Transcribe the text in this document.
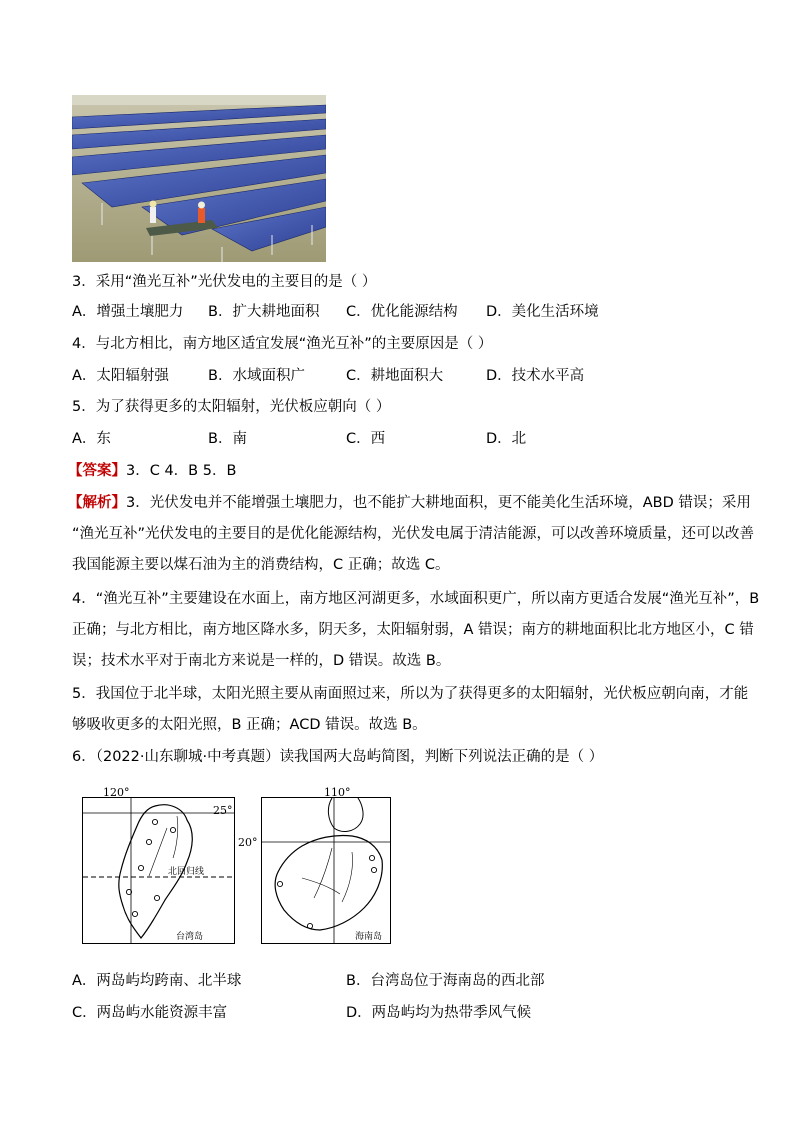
3．采用“渔光互补”光伏发电的主要目的是（ ）
A．增强土壤肥力 B．扩大耕地面积 C．优化能源结构 D．美化生活环境
4．与北方相比，南方地区适宜发展“渔光互补”的主要原因是（ ）
A．太阳辐射强	B．水域面积广	C．耕地面积大	D．技术水平高
5．为了获得更多的太阳辐射，光伏板应朝向（ ）
A．东	B．南	C．西	D．北
【答案】3．C 4．B 5．B
【解析】3．光伏发电并不能增强土壤肥力，也不能扩大耕地面积，更不能美化生活环境，ABD 错误；采用
“渔光互补”光伏发电的主要目的是优化能源结构，光伏发电属于清洁能源，可以改善环境质量，还可以改善
我国能源主要以煤石油为主的消费结构，C 正确；故选 C。
4．“渔光互补”主要建设在水面上，南方地区河湖更多，水域面积更广，所以南方更适合发展“渔光互补”，B
正确；与北方相比，南方地区降水多，阴天多，太阳辐射弱，A 错误；南方的耕地面积比北方地区小，C 错
误；技术水平对于南北方来说是一样的，D 错误。故选 B。
5．我国位于北半球，太阳光照主要从南面照过来，所以为了获得更多的太阳辐射，光伏板应朝向南，才能
够吸收更多的太阳光照，B 正确；ACD 错误。故选 B。
6．（2022·山东聊城·中考真题）读我国两大岛屿简图，判断下列说法正确的是（ ）
120°
25°
北回归线
台湾岛
110°
20°
海南岛
A．两岛屿均跨南、北半球	B．台湾岛位于海南岛的西北部
C．两岛屿水能资源丰富	D．两岛屿均为热带季风气候
